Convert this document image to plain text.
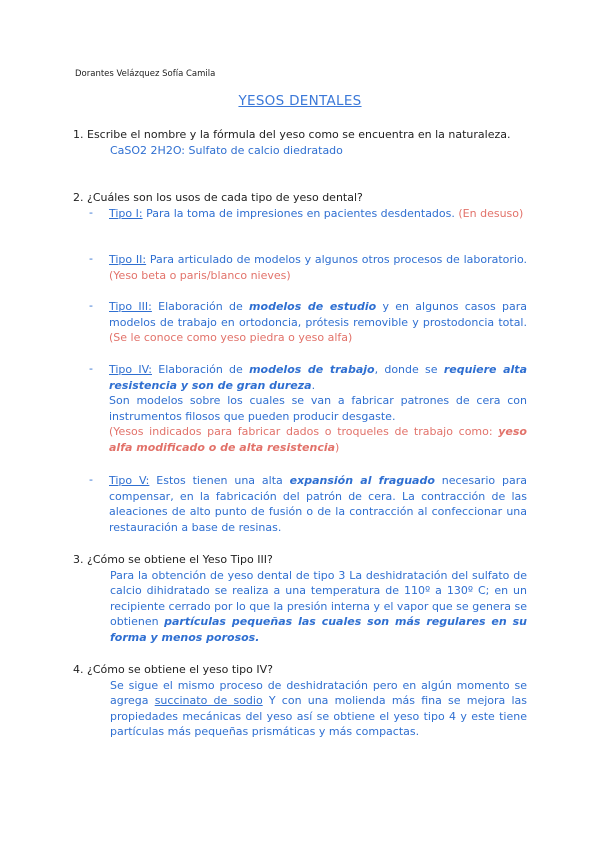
Dorantes Velázquez Sofía Camila
YESOS DENTALES
1. Escribe el nombre y la fórmula del yeso como se encuentra en la naturaleza.
CaSO2 2H2O: Sulfato de calcio diedratado
2. ¿Cuáles son los usos de cada tipo de yeso dental?
- Tipo I: Para la toma de impresiones en pacientes desdentados. (En desuso)
- Tipo II: Para articulado de modelos y algunos otros procesos de laboratorio. (Yeso beta o paris/blanco nieves)
- Tipo III: Elaboración de modelos de estudio y en algunos casos para modelos de trabajo en ortodoncia, prótesis removible y prostodoncia total. (Se le conoce como yeso piedra o yeso alfa)
- Tipo IV: Elaboración de modelos de trabajo, donde se requiere alta resistencia y son de gran dureza.
Son modelos sobre los cuales se van a fabricar patrones de cera con instrumentos filosos que pueden producir desgaste.
(Yesos indicados para fabricar dados o troqueles de trabajo como: yeso alfa modificado o de alta resistencia)
- Tipo V: Estos tienen una alta expansión al fraguado necesario para compensar, en la fabricación del patrón de cera. La contracción de las aleaciones de alto punto de fusión o de la contracción al confeccionar una restauración a base de resinas.
3. ¿Cómo se obtiene el Yeso Tipo III?
Para la obtención de yeso dental de tipo 3 La deshidratación del sulfato de calcio dihidratado se realiza a una temperatura de 110º a 130º C; en un recipiente cerrado por lo que la presión interna y el vapor que se genera se obtienen partículas pequeñas las cuales son más regulares en su forma y menos porosos.
4. ¿Cómo se obtiene el yeso tipo IV?
Se sigue el mismo proceso de deshidratación pero en algún momento se agrega succinato de sodio Y con una molienda más fina se mejora las propiedades mecánicas del yeso así se obtiene el yeso tipo 4 y este tiene partículas más pequeñas prismáticas y más compactas.
